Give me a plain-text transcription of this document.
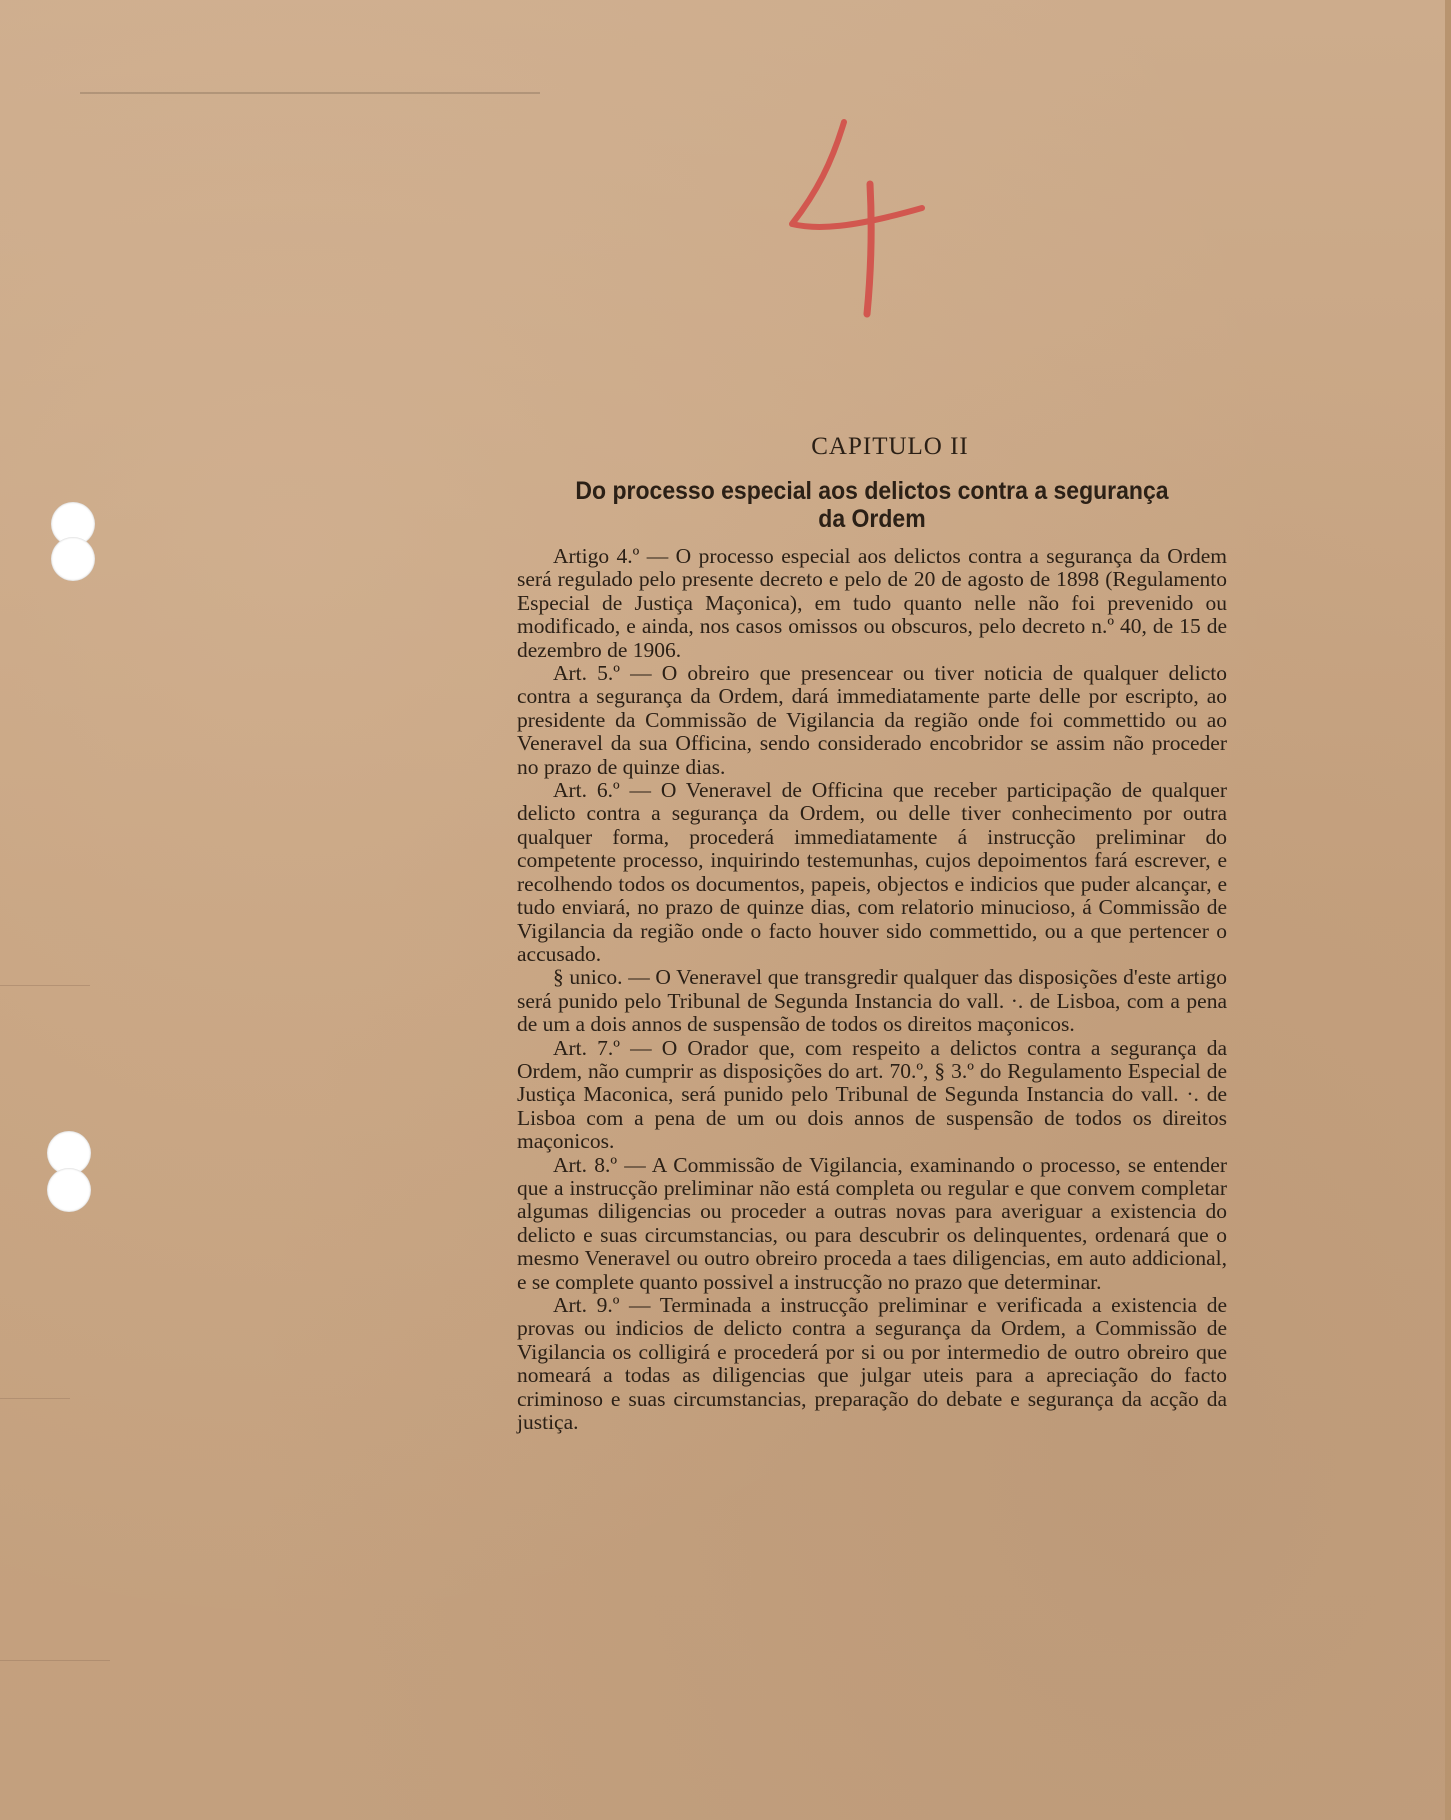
CAPITULO II
Do processo especial aos delictos contra a segurança
da Ordem

Artigo 4.º — O processo especial aos delictos contra a segurança da Ordem será regulado pelo presente decreto e pelo de 20 de agosto de 1898 (Regulamento Especial de Justiça Maçonica), em tudo quanto nelle não foi prevenido ou modificado, e ainda, nos casos omissos ou obscuros, pelo decreto n.º 40, de 15 de dezembro de 1906.

Art. 5.º — O obreiro que presencear ou tiver noticia de qualquer delicto contra a segurança da Ordem, dará immediatamente parte delle por escripto, ao presidente da Commissão de Vigilancia da região onde foi commettido ou ao Veneravel da sua Officina, sendo considerado encobridor se assim não proceder no prazo de quinze dias.

Art. 6.º — O Veneravel de Officina que receber participação de qualquer delicto contra a segurança da Ordem, ou delle tiver conhecimento por outra qualquer forma, procederá immediatamente á instrucção preliminar do competente processo, inquirindo testemunhas, cujos depoimentos fará escrever, e recolhendo todos os documentos, papeis, objectos e indicios que puder alcançar, e tudo enviará, no prazo de quinze dias, com relatorio minucioso, á Commissão de Vigilancia da região onde o facto houver sido commettido, ou a que pertencer o accusado.

§ unico. — O Veneravel que transgredir qualquer das disposições d'este artigo será punido pelo Tribunal de Segunda Instancia do vall. ·. de Lisboa, com a pena de um a dois annos de suspensão de todos os direitos maçonicos.

Art. 7.º — O Orador que, com respeito a delictos contra a segurança da Ordem, não cumprir as disposições do art. 70.º, § 3.º do Regulamento Especial de Justiça Maconica, será punido pelo Tribunal de Segunda Instancia do vall. ·. de Lisboa com a pena de um ou dois annos de suspensão de todos os direitos maçonicos.

Art. 8.º — A Commissão de Vigilancia, examinando o processo, se entender que a instrucção preliminar não está completa ou regular e que convem completar algumas diligencias ou proceder a outras novas para averiguar a existencia do delicto e suas circumstancias, ou para descubrir os delinquentes, ordenará que o mesmo Veneravel ou outro obreiro proceda a taes diligencias, em auto addicional, e se complete quanto possivel a instrucção no prazo que determinar.

Art. 9.º — Terminada a instrucção preliminar e verificada a existencia de provas ou indicios de delicto contra a segurança da Ordem, a Commissão de Vigilancia os colligirá e procederá por si ou por intermedio de outro obreiro que nomeará a todas as diligencias que julgar uteis para a apreciação do facto criminoso e suas circumstancias, preparação do debate e segurança da acção da justiça.
